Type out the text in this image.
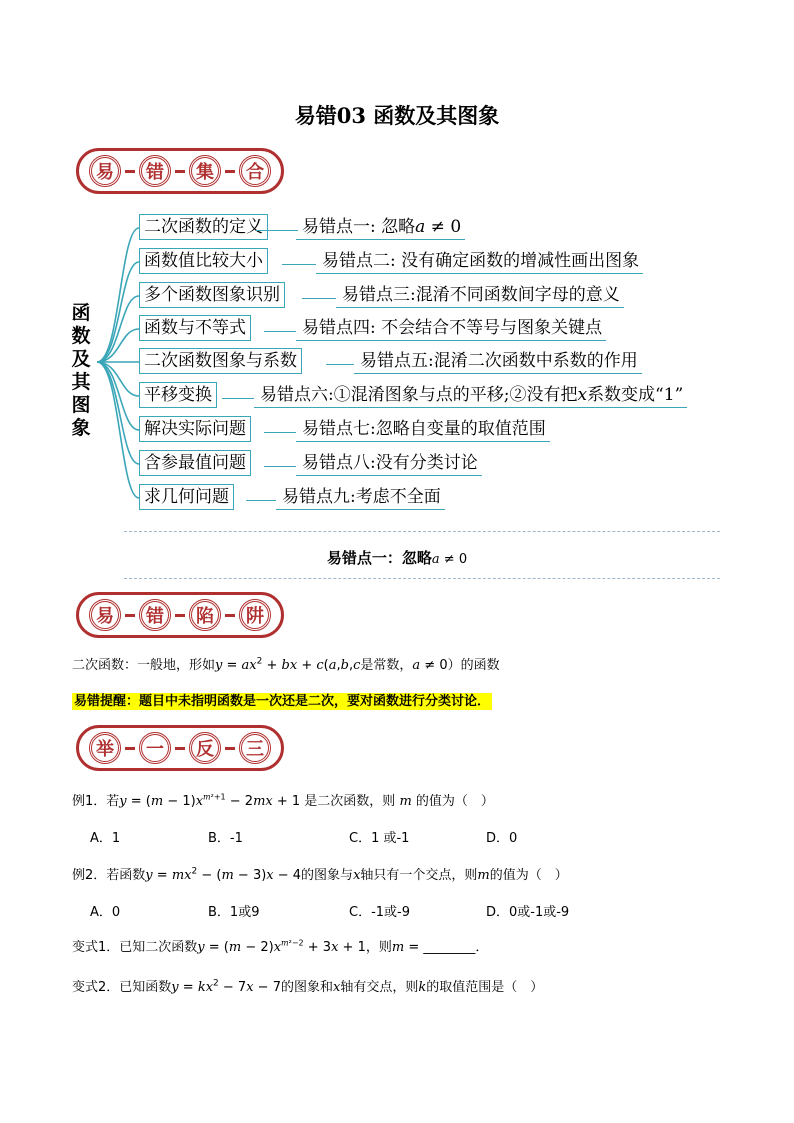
易错03 函数及其图象
易	错	集	合
函
数
及
其
图
象
二次函数的定义	易错点一: 忽略a ≠ 0
函数值比较大小	易错点二: 没有确定函数的增减性画出图象
多个函数图象识别	易错点三:混淆不同函数间字母的意义
函数与不等式	易错点四: 不会结合不等号与图象关键点
二次函数图象与系数	易错点五:混淆二次函数中系数的作用
平移变换	易错点六:①混淆图象与点的平移;②没有把x系数变成“1”
解决实际问题	易错点七:忽略自变量的取值范围
含参最值问题	易错点八:没有分类讨论
求几何问题	易错点九:考虑不全面
易错点一：忽略a ≠ 0
易	错	陷	阱
二次函数：一般地，形如$y = ax^2$ + bx + c(a,b,c是常数，a ≠ 0）的函数
易错提醒：题目中未指明函数是一次还是二次，要对函数进行分类讨论．
举	一	反	三
例1．若$y = (m - 1)x^{m^2+1} - 2mx + 1$ 是二次函数，则 m 的值为（　）
A．1	B．-1	C．1 或-1	D．0
例2．若函数$y = mx^2 - (m - 3)x - 4$的图象与x轴只有一个交点，则m的值为（　）
A．0	B．1或9	C．-1或-9	D．0或-1或-9
变式1．已知二次函数$y = (m - 2)x^{m^2-2} + 3x + 1$，则m = ________．
变式2．已知函数$y = kx^2 - 7x - 7$的图象和x轴有交点，则k的取值范围是（　）
